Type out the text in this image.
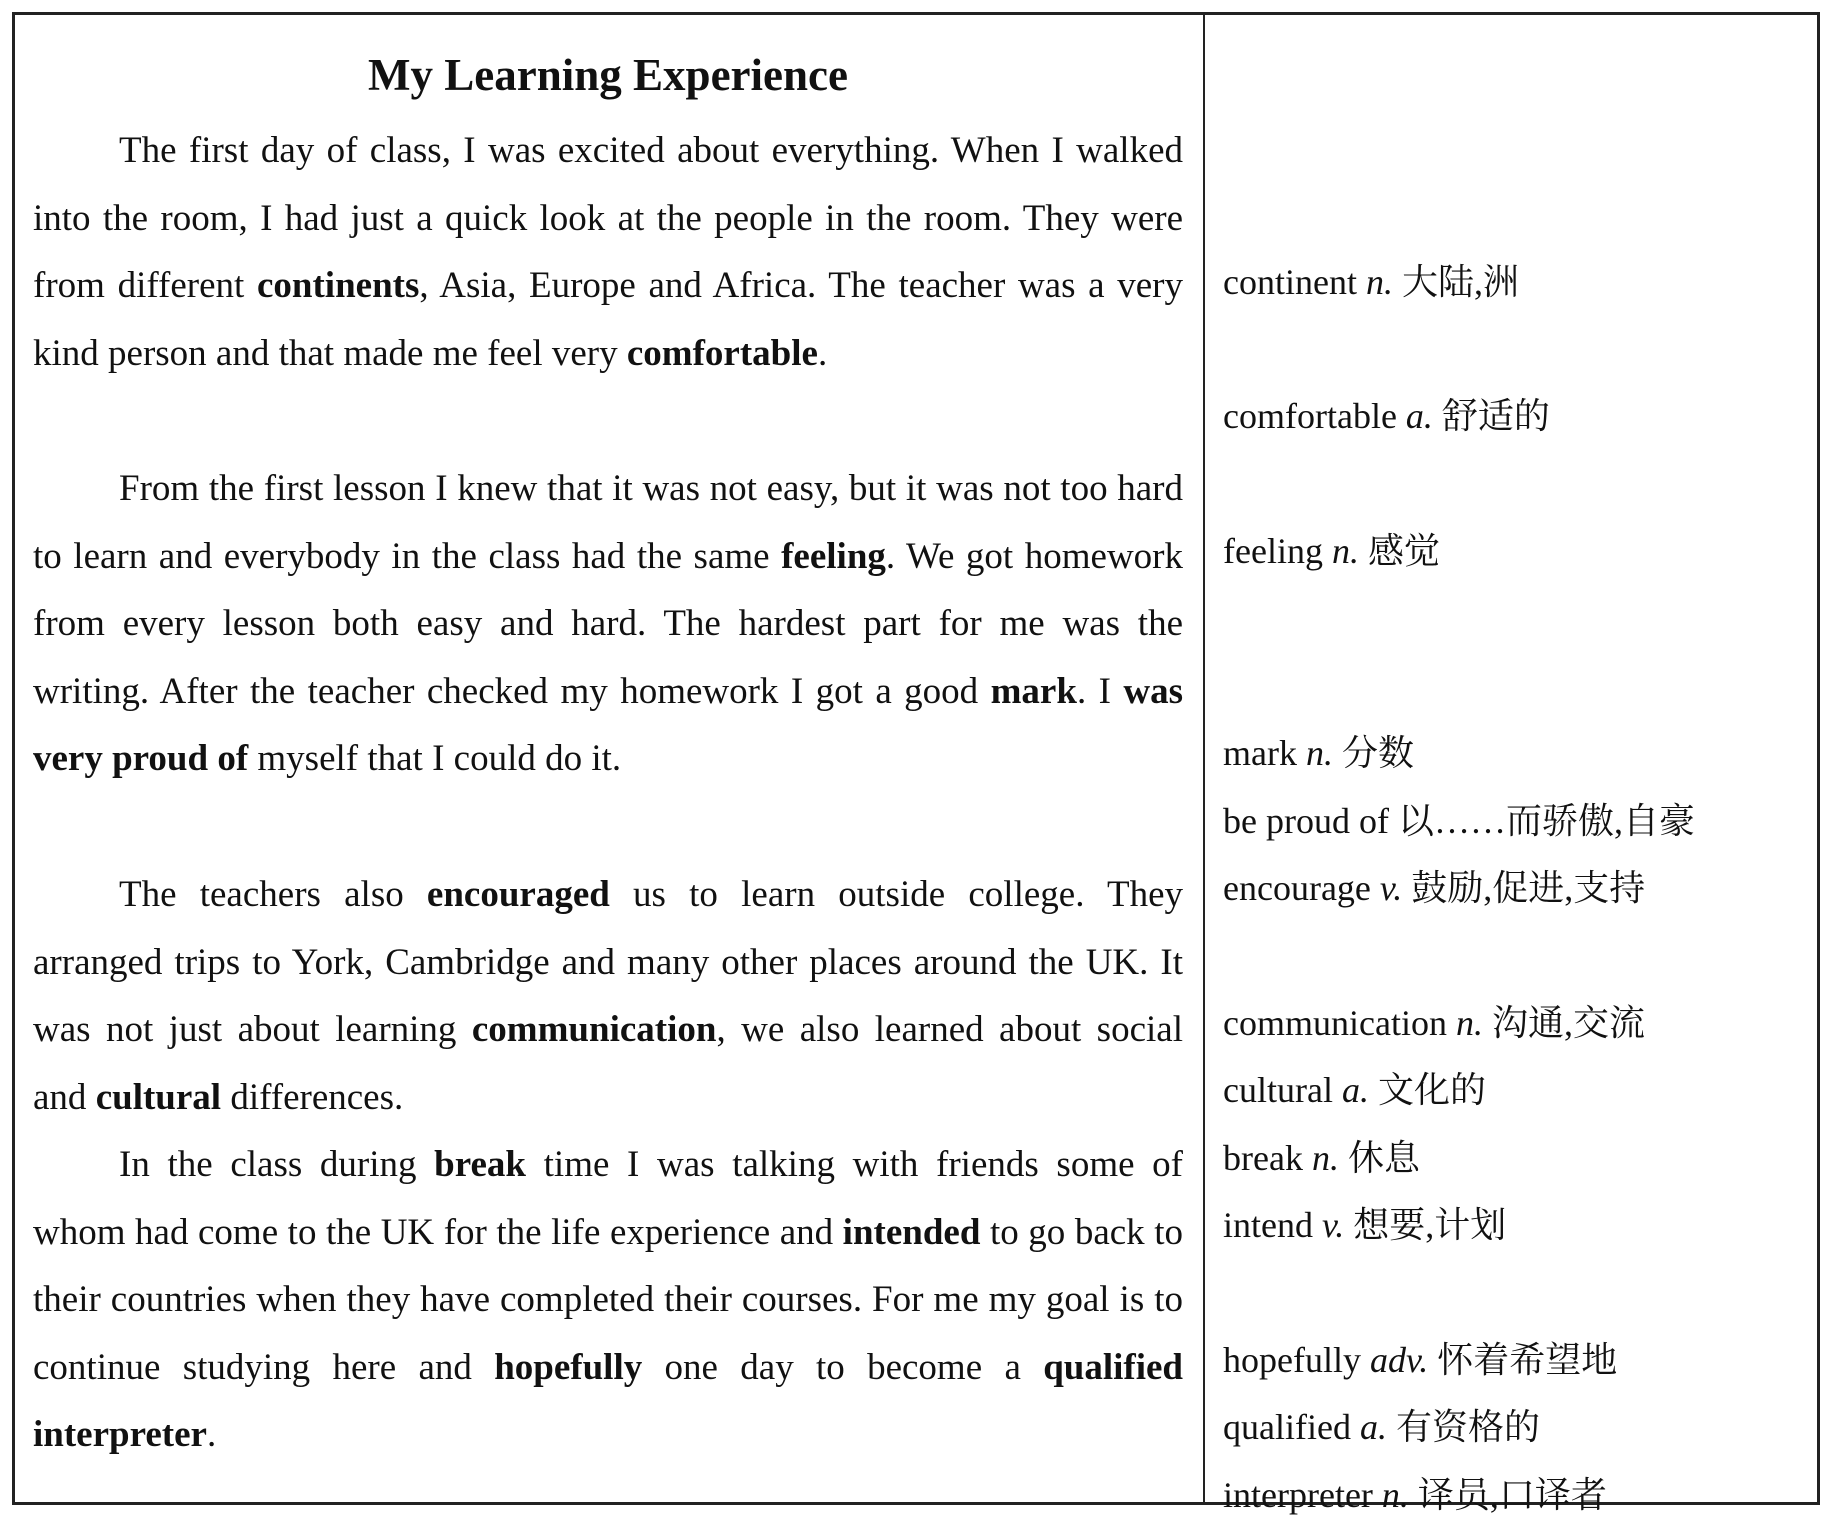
My Learning Experience
The first day of class, I was excited about everything. When I walked into the room, I had just a quick look at the people in the room. They were from different continents, Asia, Europe and Africa. The teacher was a very kind person and that made me feel very comfortable.
From the first lesson I knew that it was not easy, but it was not too hard to learn and everybody in the class had the same feeling. We got homework from every lesson both easy and hard. The hardest part for me was the writing. After the teacher checked my homework I got a good mark. I was very proud of myself that I could do it.
The teachers also encouraged us to learn outside college. They arranged trips to York, Cambridge and many other places around the UK. It was not just about learning communication, we also learned about social and cultural differences.
In the class during break time I was talking with friends some of whom had come to the UK for the life experience and intended to go back to their countries when they have completed their courses. For me my goal is to continue studying here and hopefully one day to become a qualified interpreter.
continent n. 大陆,洲
comfortable a. 舒适的
feeling n. 感觉
mark n. 分数
be proud of 以……而骄傲,自豪
encourage v. 鼓励,促进,支持
communication n. 沟通,交流
cultural a. 文化的
break n. 休息
intend v. 想要,计划
hopefully adv. 怀着希望地
qualified a. 有资格的
interpreter n. 译员,口译者
